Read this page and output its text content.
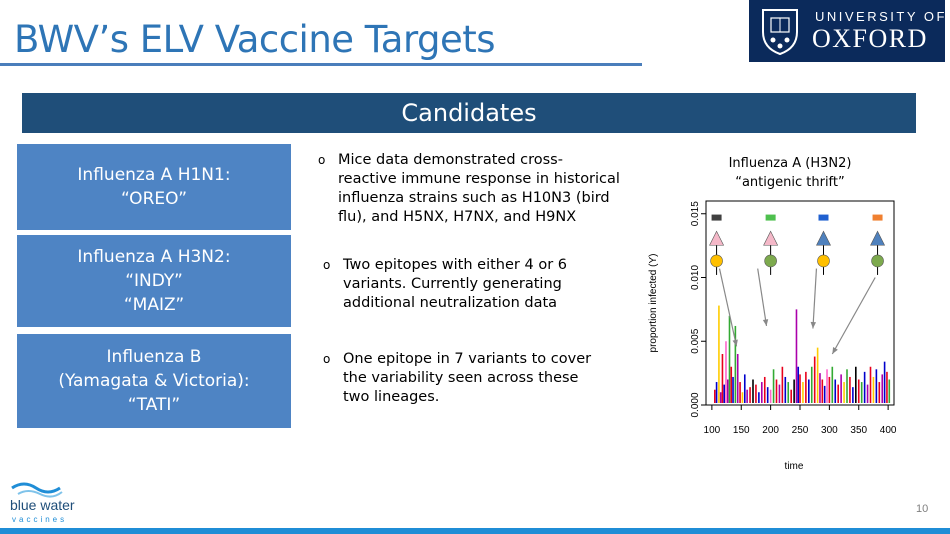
BWV’s ELV Vaccine Targets
UNIVERSITY OF
OXFORD
Candidates
Influenza A H1N1:
“OREO”
Influenza A H3N2:
“INDY”
“MAIZ”
Influenza B
(Yamagata & Victoria):
“TATI”
o Mice data demonstrated cross-
reactive immune response in historical
influenza strains such as H10N3 (bird
flu), and H5NX, H7NX, and H9NX
o Two epitopes with either 4 or 6
variants. Currently generating
additional neutralization data
o One epitope in 7 variants to cover
the variability seen across these
two lineages.
Influenza A (H3N2)
“antigenic thrift”
0.000
0.005
0.010
0.015
100 150 200 250 300 350 400
proportion infected (Y)
time
blue water
vaccines
10
